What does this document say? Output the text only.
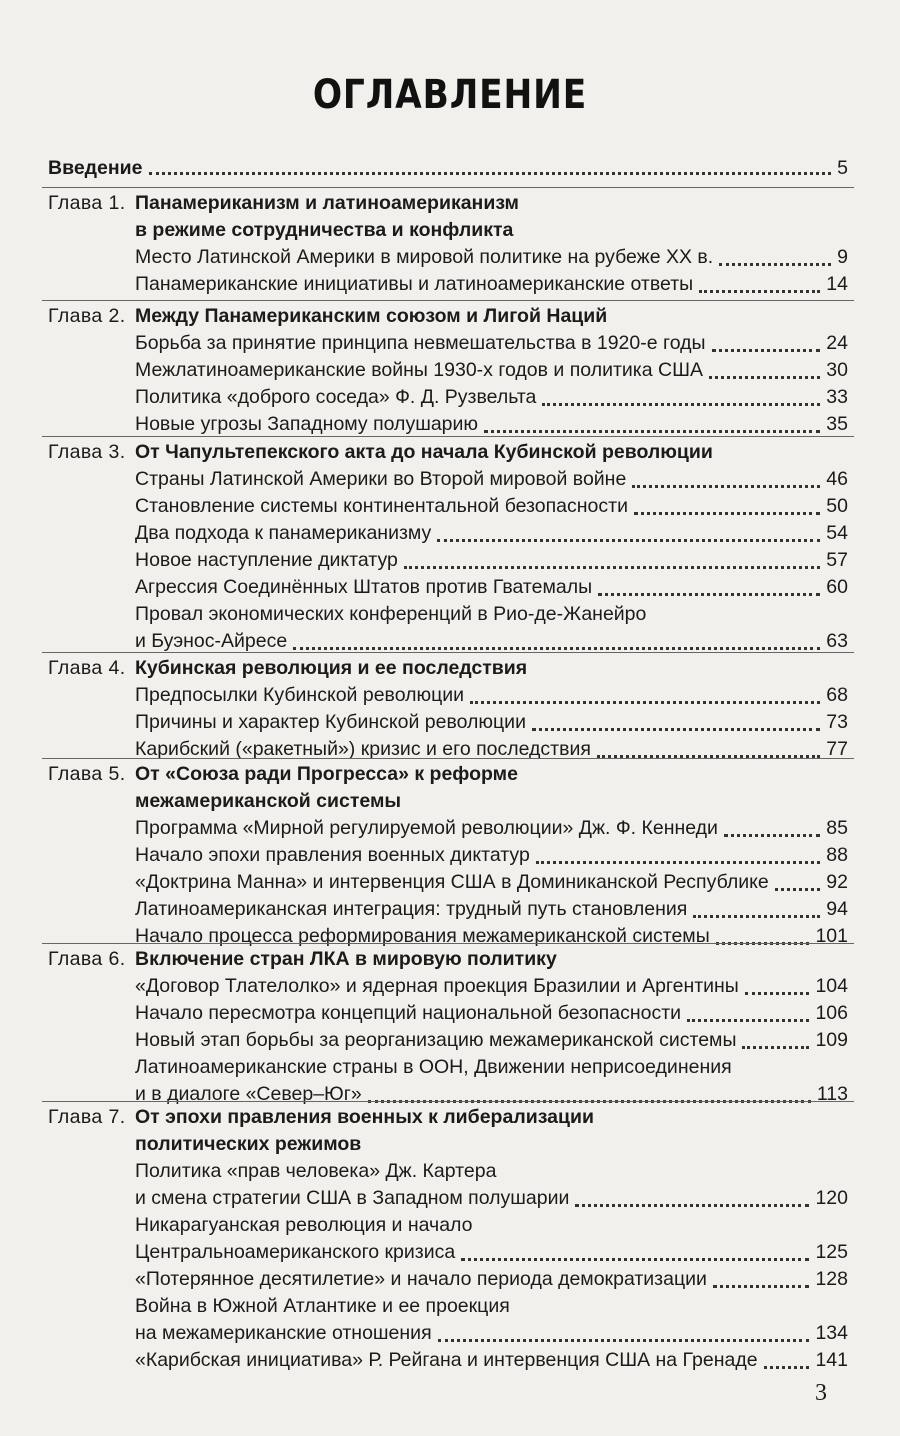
ОГЛАВЛЕНИЕ
Введение	5
Глава 1. Панамериканизм и латиноамериканизм
в режиме сотрудничества и конфликта
Место Латинской Америки в мировой политике на рубеже XX в.	9
Панамериканские инициативы и латиноамериканские ответы	14
Глава 2. Между Панамериканским союзом и Лигой Наций
Борьба за принятие принципа невмешательства в 1920-е годы	24
Межлатиноамериканские войны 1930-х годов и политика США	30
Политика «доброго соседа» Ф. Д. Рузвельта	33
Новые угрозы Западному полушарию	35
Глава 3. От Чапультепекского акта до начала Кубинской революции
Страны Латинской Америки во Второй мировой войне	46
Становление системы континентальной безопасности	50
Два подхода к панамериканизму	54
Новое наступление диктатур	57
Агрессия Соединённых Штатов против Гватемалы	60
Провал экономических конференций в Рио-де-Жанейро
и Буэнос-Айресе	63
Глава 4. Кубинская революция и ее последствия
Предпосылки Кубинской революции	68
Причины и характер Кубинской революции	73
Карибский («ракетный») кризис и его последствия	77
Глава 5. От «Союза ради Прогресса» к реформе
межамериканской системы
Программа «Мирной регулируемой революции» Дж. Ф. Кеннеди	85
Начало эпохи правления военных диктатур	88
«Доктрина Манна» и интервенция США в Доминиканской Республике	92
Латиноамериканская интеграция: трудный путь становления	94
Начало процесса реформирования межамериканской системы	101
Глава 6. Включение стран ЛКА в мировую политику
«Договор Тлателолко» и ядерная проекция Бразилии и Аргентины	104
Начало пересмотра концепций национальной безопасности	106
Новый этап борьбы за реорганизацию межамериканской системы	109
Латиноамериканские страны в ООН, Движении неприсоединения
и в диалоге «Север–Юг»	113
Глава 7. От эпохи правления военных к либерализации
политических режимов
Политика «прав человека» Дж. Картера
и смена стратегии США в Западном полушарии	120
Никарагуанская революция и начало
Центральноамериканского кризиса	125
«Потерянное десятилетие» и начало периода демократизации	128
Война в Южной Атлантике и ее проекция
на межамериканские отношения	134
«Карибская инициатива» Р. Рейгана и интервенция США на Гренаде	141
3
